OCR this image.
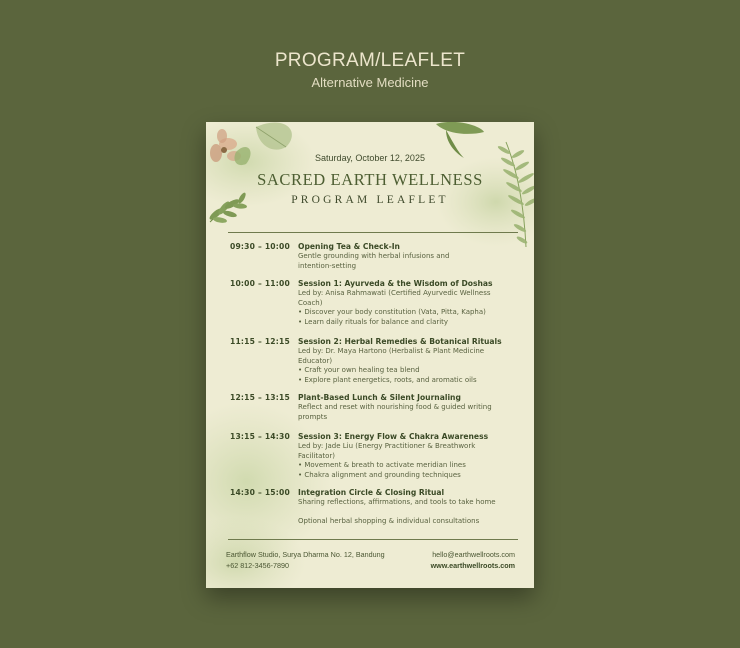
PROGRAM/LEAFLET
Alternative Medicine
Saturday, October 12, 2025
SACRED EARTH WELLNESS
PROGRAM LEAFLET
09:30 – 10:00 Opening Tea & Check-In
Gentle grounding with herbal infusions and
intention-setting
10:00 – 11:00 Session 1: Ayurveda & the Wisdom of Doshas
Led by: Anisa Rahmawati (Certified Ayurvedic Wellness
Coach)
• Discover your body constitution (Vata, Pitta, Kapha)
• Learn daily rituals for balance and clarity
11:15 – 12:15 Session 2: Herbal Remedies & Botanical Rituals
Led by: Dr. Maya Hartono (Herbalist & Plant Medicine
Educator)
• Craft your own healing tea blend
• Explore plant energetics, roots, and aromatic oils
12:15 – 13:15 Plant-Based Lunch & Silent Journaling
Reflect and reset with nourishing food & guided writing
prompts
13:15 – 14:30 Session 3: Energy Flow & Chakra Awareness
Led by: Jade Liu (Energy Practitioner & Breathwork
Facilitator)
• Movement & breath to activate meridian lines
• Chakra alignment and grounding techniques
14:30 – 15:00 Integration Circle & Closing Ritual
Sharing reflections, affirmations, and tools to take home
Optional herbal shopping & individual consultations
Earthflow Studio, Surya Dharma No. 12, Bandung
+62 812-3456-7890
hello@earthwellroots.com
www.earthwellroots.com
